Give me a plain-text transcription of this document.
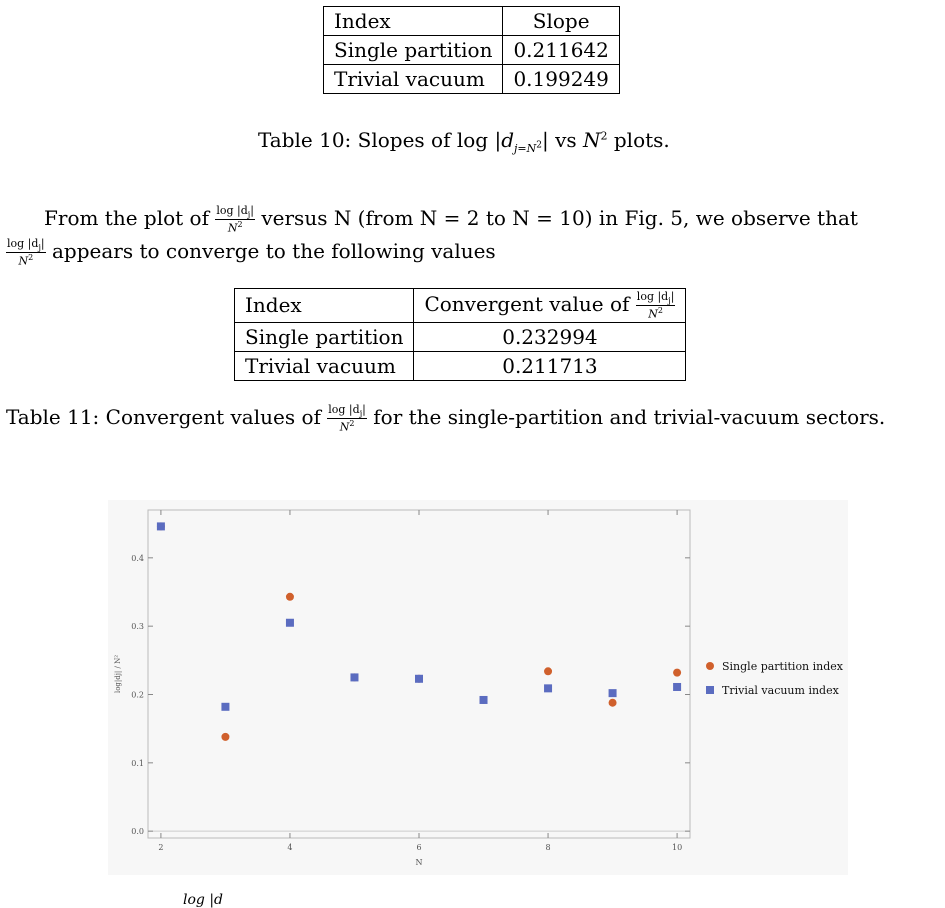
Index	Slope
Single partition	0.211642
Trivial vacuum	0.199249
Table 10: Slopes of $\log |d_{j=N^2}|$ vs $N^2$ plots.
From the plot of $\frac{\log |d_j|}{N^2}$ versus N (from N = 2 to N = 10) in Fig. 5, we observe that
$\frac{\log |d_j|}{N^2}$ appears to converge to the following values
Index	Convergent value of $\frac{\log |d_j|}{N^2}$

Single partition	0.232994
Trivial vacuum	0.211713
Table 11: Convergent values of $\frac{\log |d_j|}{N^2}$ for the single-partition and trivial-vacuum sectors.
0.0
0.1
0.2
0.3
0.4
2	4	6	8	10
N
log|dj| / N²	Single partition index
Trivial vacuum index
log |d
